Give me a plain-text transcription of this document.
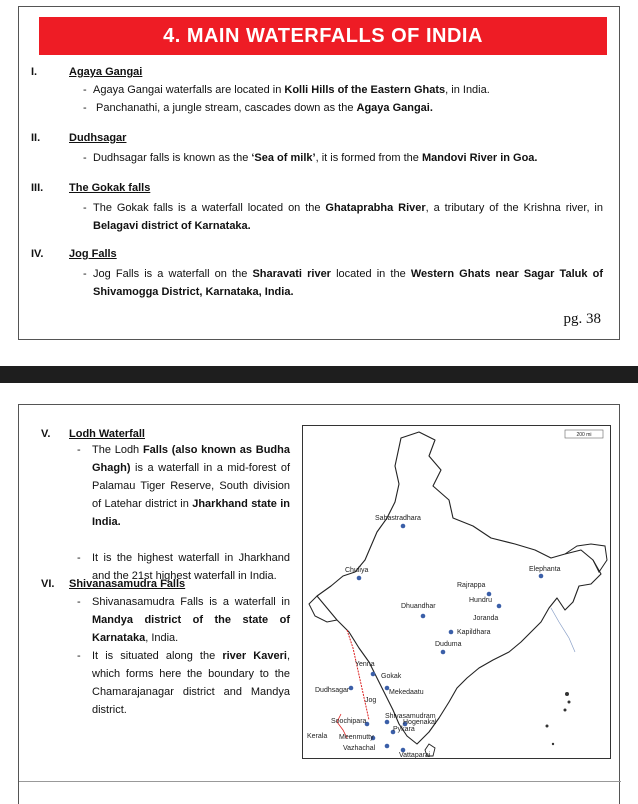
4. MAIN WATERFALLS OF INDIA
I.	Agaya Gangai
- Agaya Gangai waterfalls are located in Kolli Hills of the Eastern Ghats, in India.
- Panchanathi, a jungle stream, cascades down as the Agaya Gangai.
II.	Dudhsagar
- Dudhsagar falls is known as the ‘Sea of milk’, it is formed from the Mandovi River in Goa.
III. The Gokak falls
- The Gokak falls is a waterfall located on the Ghataprabha River, a tributary of the Krishna river, in Belagavi district of Karnataka.
IV. Jog Falls
- Jog Falls is a waterfall on the Sharavati river located in the Western Ghats near Sagar Taluk of Shivamogga District, Karnataka, India.
pg. 38
V. Lodh Waterfall
- The Lodh Falls (also known as Budha Ghagh) is a waterfall in a mid-forest of Palamau Tiger Reserve, South division of Latehar district in Jharkhand state in India.
- It is the highest waterfall in Jharkhand and the 21st highest waterfall in India.
VI. Shivanasamudra Falls
- Shivanasamudra Falls is a waterfall in Mandya district of the state of Karnataka, India.
- It is situated along the river Kaveri, which forms here the boundary to the Chamarajanagar district and Mandya district.
200 mi
Sahastradhara
Chuliya	Elephanta
Rajrappa
Hundru
Dhuandhar
Joranda
Kapildhara
Duduma
Yenna
Gokak
Dudhsagar
Jog
Mekedaatu
Shivasamudram
Hogenakal
Soochipara
Pykara
Meenmutty
Kerala
Vazhachal
Vattaparai
